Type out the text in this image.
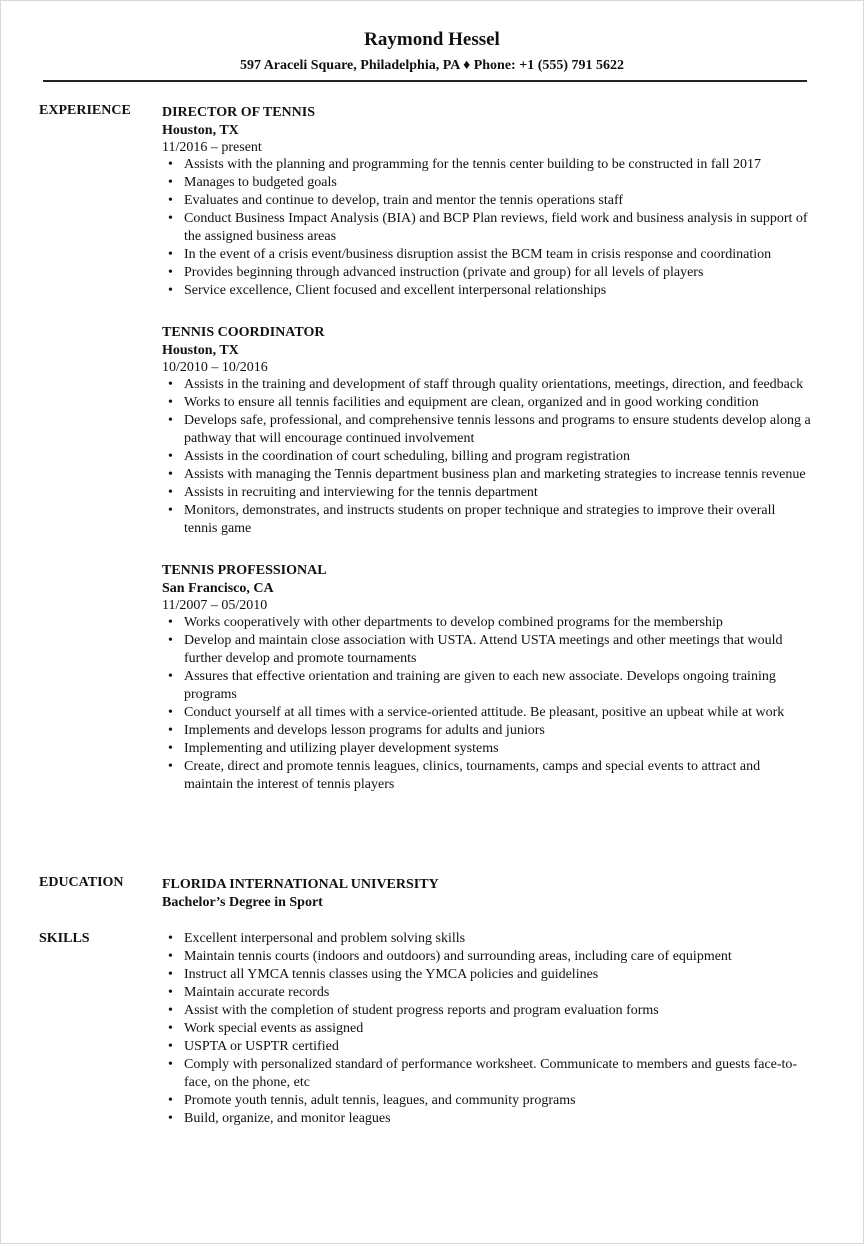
Raymond Hessel
597 Araceli Square, Philadelphia, PA ♦ Phone: +1 (555) 791 5622
EXPERIENCE DIRECTOR OF TENNIS
Houston, TX
11/2016 – present
• Assists with the planning and programming for the tennis center building to be constructed in fall 2017
• Manages to budgeted goals
• Evaluates and continue to develop, train and mentor the tennis operations staff
• Conduct Business Impact Analysis (BIA) and BCP Plan reviews, field work and business analysis in support of the assigned business areas
• In the event of a crisis event/business disruption assist the BCM team in crisis response and coordination
• Provides beginning through advanced instruction (private and group) for all levels of players
• Service excellence, Client focused and excellent interpersonal relationships
TENNIS COORDINATOR
Houston, TX
10/2010 – 10/2016
• Assists in the training and development of staff through quality orientations, meetings, direction, and feedback
• Works to ensure all tennis facilities and equipment are clean, organized and in good working condition
• Develops safe, professional, and comprehensive tennis lessons and programs to ensure students develop along a pathway that will encourage continued involvement
• Assists in the coordination of court scheduling, billing and program registration
• Assists with managing the Tennis department business plan and marketing strategies to increase tennis revenue
• Assists in recruiting and interviewing for the tennis department
• Monitors, demonstrates, and instructs students on proper technique and strategies to improve their overall tennis game
TENNIS PROFESSIONAL
San Francisco, CA
11/2007 – 05/2010
• Works cooperatively with other departments to develop combined programs for the membership
• Develop and maintain close association with USTA. Attend USTA meetings and other meetings that would further develop and promote tournaments
• Assures that effective orientation and training are given to each new associate. Develops ongoing training programs
• Conduct yourself at all times with a service-oriented attitude. Be pleasant, positive an upbeat while at work
• Implements and develops lesson programs for adults and juniors
• Implementing and utilizing player development systems
• Create, direct and promote tennis leagues, clinics, tournaments, camps and special events to attract and maintain the interest of tennis players
EDUCATION	FLORIDA INTERNATIONAL UNIVERSITY
Bachelor’s Degree in Sport
SKILLS
•	Excellent interpersonal and problem solving skills
• Maintain tennis courts (indoors and outdoors) and surrounding areas, including care of equipment
• Instruct all YMCA tennis classes using the YMCA policies and guidelines
• Maintain accurate records
• Assist with the completion of student progress reports and program evaluation forms
• Work special events as assigned
• USPTA or USPTR certified
• Comply with personalized standard of performance worksheet. Communicate to members and guests face-to-face, on the phone, etc
• Promote youth tennis, adult tennis, leagues, and community programs
• Build, organize, and monitor leagues
